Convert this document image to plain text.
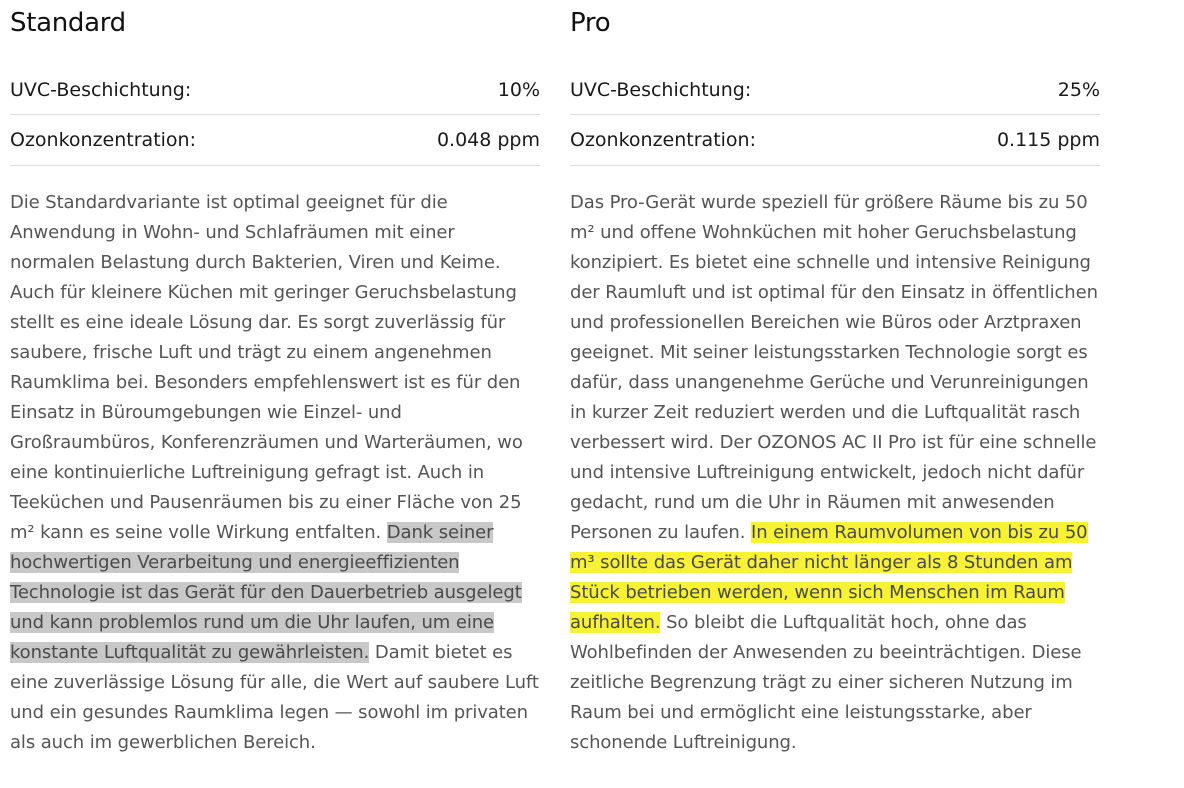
Standard
UVC-Beschichtung:	10%
Ozonkonzentration:	0.048 ppm

Die Standardvariante ist optimal geeignet für die Anwendung in Wohn- und Schlafräumen mit einer normalen Belastung durch Bakterien, Viren und Keime. Auch für kleinere Küchen mit geringer Geruchsbelastung stellt es eine ideale Lösung dar. Es sorgt zuverlässig für saubere, frische Luft und trägt zu einem angenehmen Raumklima bei. Besonders empfehlenswert ist es für den Einsatz in Büroumgebungen wie Einzel- und Großraumbüros, Konferenzräumen und Warteräumen, wo eine kontinuierliche Luftreinigung gefragt ist. Auch in Teeküchen und Pausenräumen bis zu einer Fläche von 25 m² kann es seine volle Wirkung entfalten. Dank seiner hochwertigen Verarbeitung und energieeffizienten Technologie ist das Gerät für den Dauerbetrieb ausgelegt und kann problemlos rund um die Uhr laufen, um eine konstante Luftqualität zu gewährleisten. Damit bietet es eine zuverlässige Lösung für alle, die Wert auf saubere Luft und ein gesundes Raumklima legen — sowohl im privaten als auch im gewerblichen Bereich.

Pro
UVC-Beschichtung:	25%
Ozonkonzentration:	0.115 ppm

Das Pro-Gerät wurde speziell für größere Räume bis zu 50 m² und offene Wohnküchen mit hoher Geruchsbelastung konzipiert. Es bietet eine schnelle und intensive Reinigung der Raumluft und ist optimal für den Einsatz in öffentlichen und professionellen Bereichen wie Büros oder Arztpraxen geeignet. Mit seiner leistungsstarken Technologie sorgt es dafür, dass unangenehme Gerüche und Verunreinigungen in kurzer Zeit reduziert werden und die Luftqualität rasch verbessert wird. Der OZONOS AC II Pro ist für eine schnelle und intensive Luftreinigung entwickelt, jedoch nicht dafür gedacht, rund um die Uhr in Räumen mit anwesenden Personen zu laufen. In einem Raumvolumen von bis zu 50 m³ sollte das Gerät daher nicht länger als 8 Stunden am Stück betrieben werden, wenn sich Menschen im Raum aufhalten. So bleibt die Luftqualität hoch, ohne das Wohlbefinden der Anwesenden zu beeinträchtigen. Diese zeitliche Begrenzung trägt zu einer sicheren Nutzung im Raum bei und ermöglicht eine leistungsstarke, aber schonende Luftreinigung.
